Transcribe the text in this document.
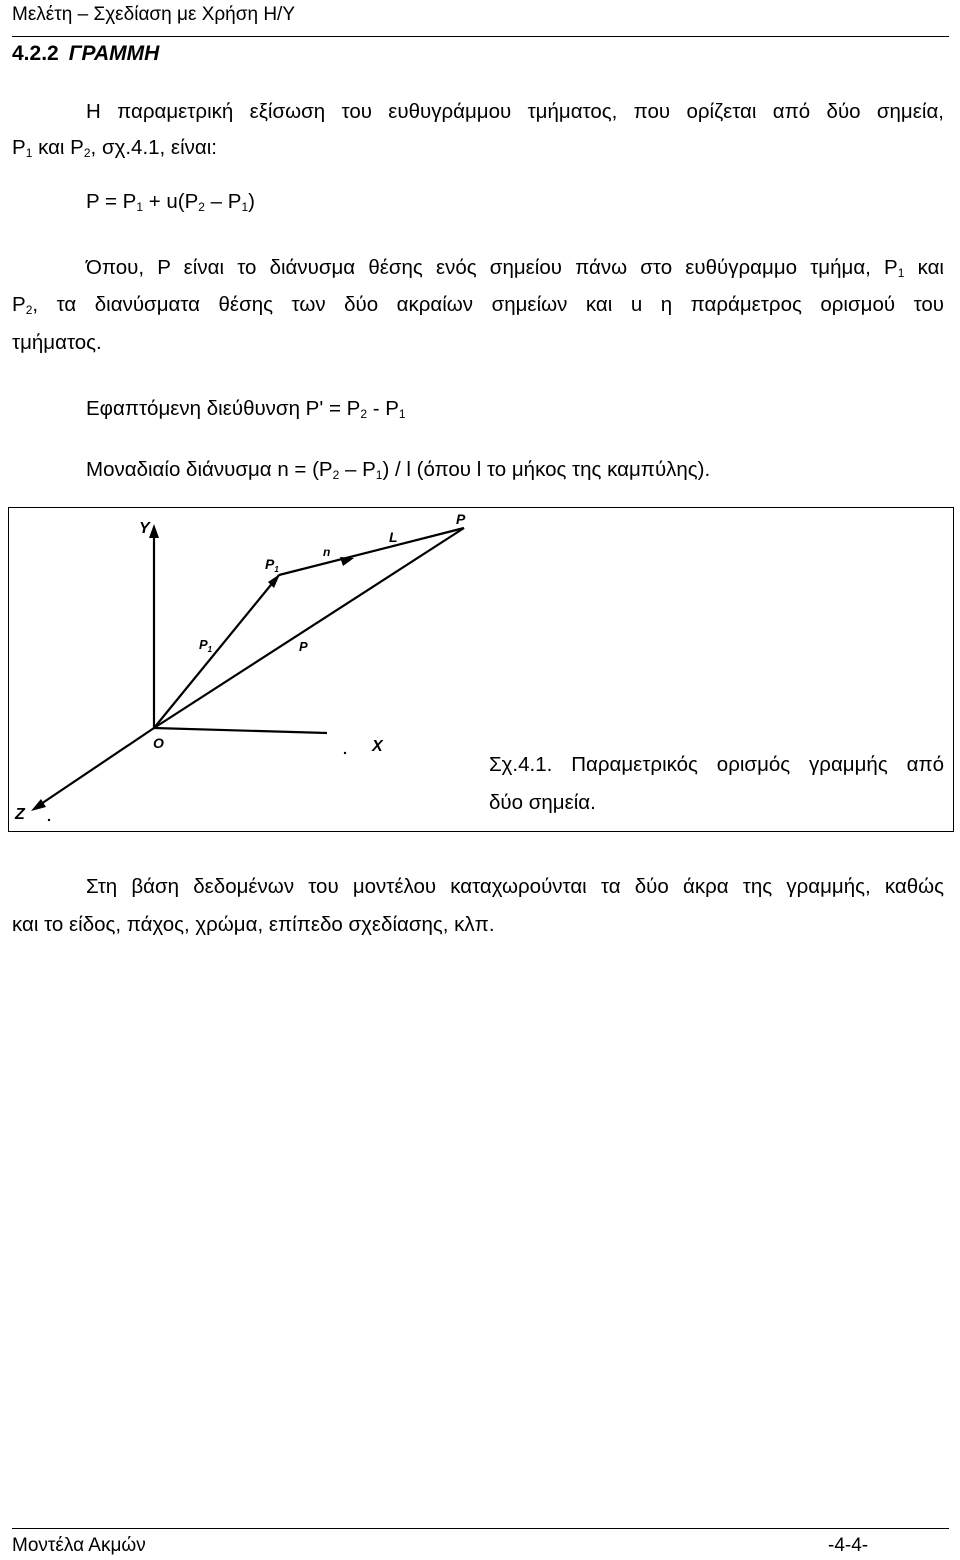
Μελέτη – Σχεδίαση με Χρήση Η/Υ
4.2.2 ΓΡΑΜΜΗ
Η παραμετρική εξίσωση του ευθυγράμμου τμήματος, που ορίζεται από δύο σημεία,
$P_1$ και $P_2$, σχ.4.1, είναι:
$P = P_1 + u(P_2 - P_1)$
Όπου, P είναι το διάνυσμα θέσης ενός σημείου πάνω στο ευθύγραμμο τμήμα, $P_1$ και
$P_2$, τα διανύσματα θέσης των δύο ακραίων σημείων και u η παράμετρος ορισμού του
τμήματος.
Εφαπτόμενη διεύθυνση $P' = P_2 - P_1$
Μοναδιαίο διάνυσμα $n = (P_2 - P_1) / l$ (όπου l το μήκος της καμπύλης).
Y
X
Z
O
$P_1$
P
P
L
n
$P_1$
Σχ.4.1. Παραμετρικός ορισμός γραμμής από
δύο σημεία.
Στη βάση δεδομένων του μοντέλου καταχωρούνται τα δύο άκρα της γραμμής, καθώς
και το είδος, πάχος, χρώμα, επίπεδο σχεδίασης, κλπ.
Μοντέλα Ακμών	-4-4-
